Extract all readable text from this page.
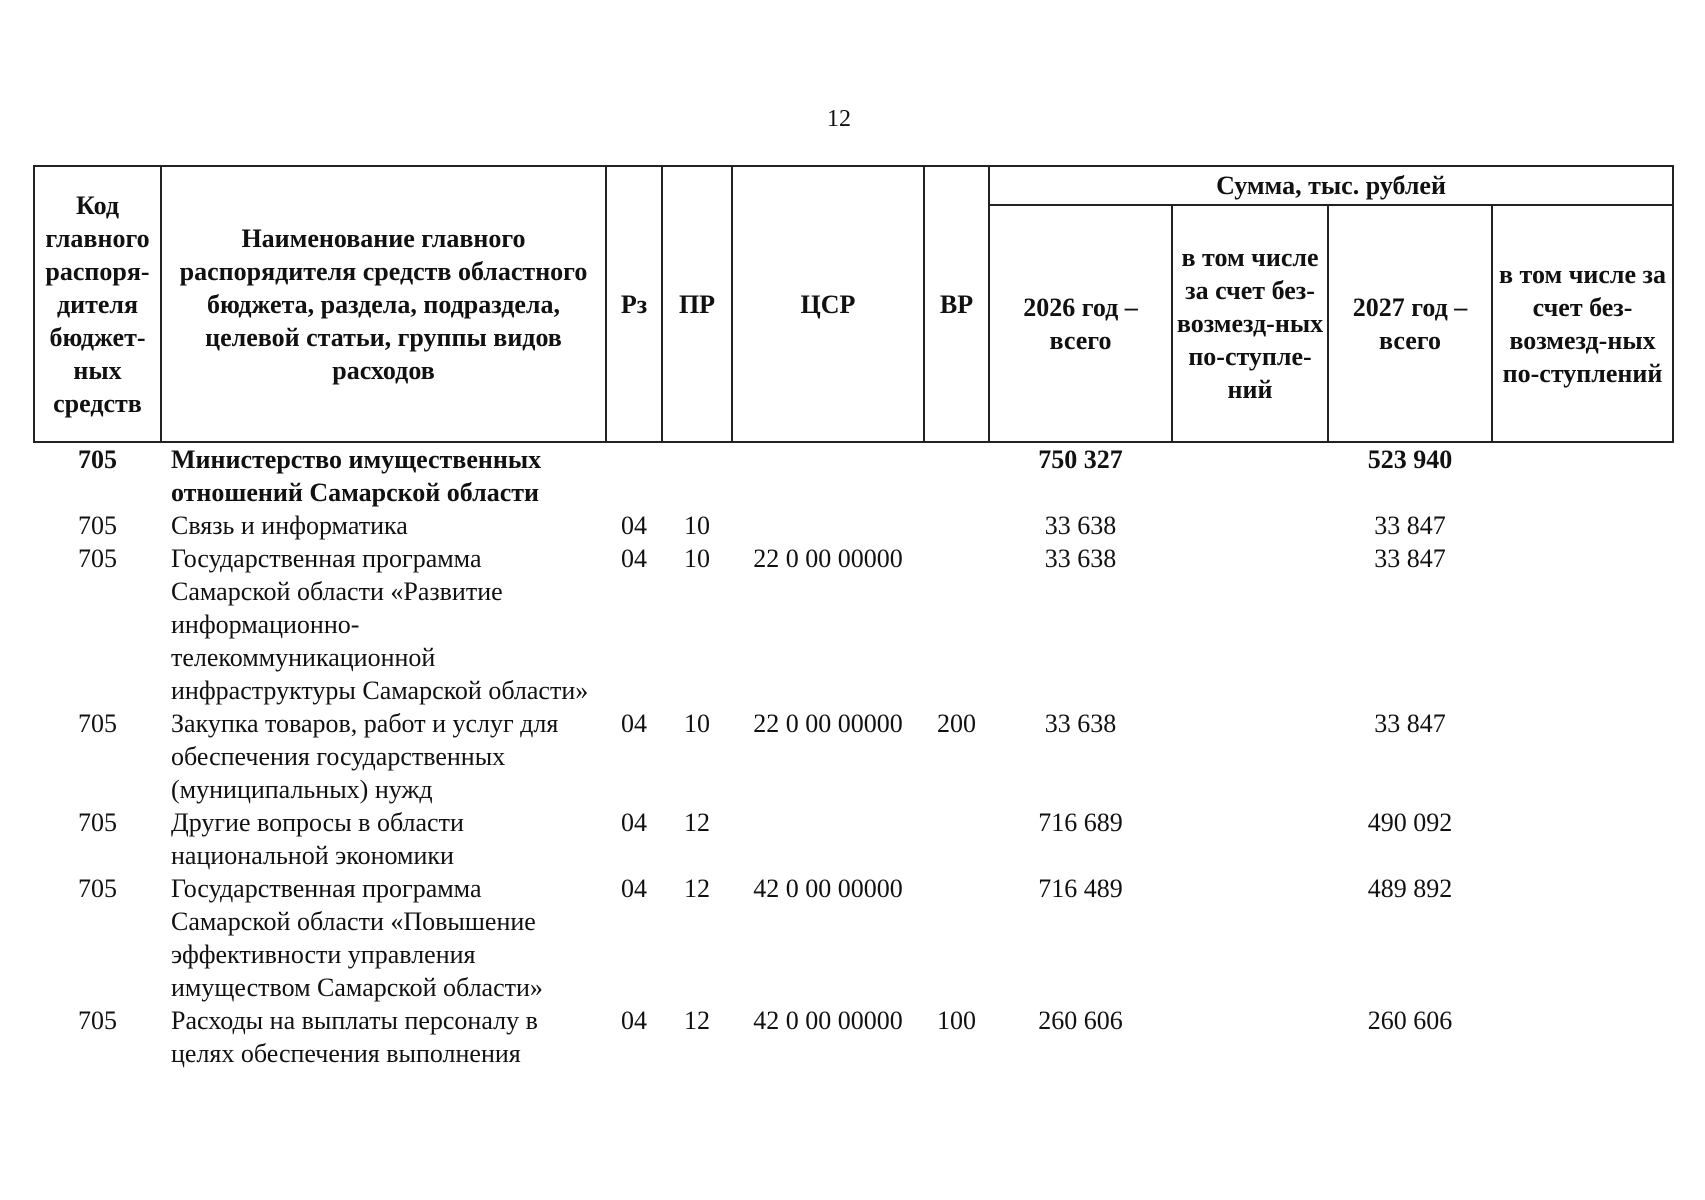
12
Код главного распоря-дителя бюджет-ных средств	Наименование главного распорядителя средств областного бюджета, раздела, подраздела, целевой статьи, группы видов расходов	Рз	ПР	ЦСР	ВР	Сумма, тыс. рублей			
						2026 год – всего	в том числе за счет без-возмезд-ных по-ступле-ний	2027 год – всего	в том числе за счет без-возмезд-ных по-ступлений
705	Министерство имущественных отношений Самарской области					750 327		523 940	
705	Связь и информатика	04	10			33 638		33 847	
705	Государственная программа Самарской области «Развитие информационно-телекоммуникационной инфраструктуры Самарской области»	04	10	22 0 00 00000		33 638		33 847	
705	Закупка товаров, работ и услуг для обеспечения государственных (муниципальных) нужд	04	10	22 0 00 00000	200	33 638		33 847	
705	Другие вопросы в области национальной экономики	04	12			716 689		490 092	
705	Государственная программа Самарской области «Повышение эффективности управления имуществом Самарской области»	04	12	42 0 00 00000		716 489		489 892	
705	Расходы на выплаты персоналу в целях обеспечения выполнения	04	12	42 0 00 00000	100	260 606		260 606	
